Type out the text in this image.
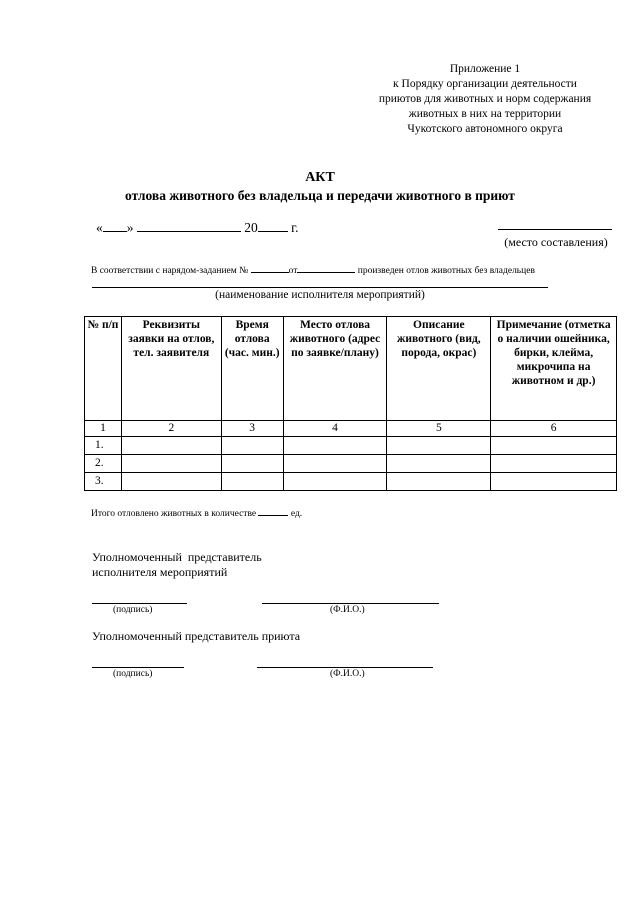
Приложение 1
к Порядку организации деятельности
приютов для животных и норм содержания
животных в них на территории
Чукотского автономного округа
АКТ
отлова животного без владельца и передачи животного в приют
« »	20 г.
(место составления)
В соответствии с нарядом-заданием №	от	произведен отлов животных без владельцев
(наименование исполнителя мероприятий)
№ п/п	Реквизиты заявки на отлов, тел. заявителя	Время отлова (час. мин.)	Место отлова животного (адрес по заявке/плану)	Описание животного (вид, порода, окрас)	Примечание (отметка о наличии ошейника, бирки, клейма, микрочипа на животном и др.)
1	2	3	4	5	6
1.					
2.					
3.					
Итого отловлено животных в количестве	ед.
Уполномоченный  представитель
исполнителя мероприятий
(подпись)	(Ф.И.О.)
Уполномоченный представитель приюта
(подпись)	(Ф.И.О.)
